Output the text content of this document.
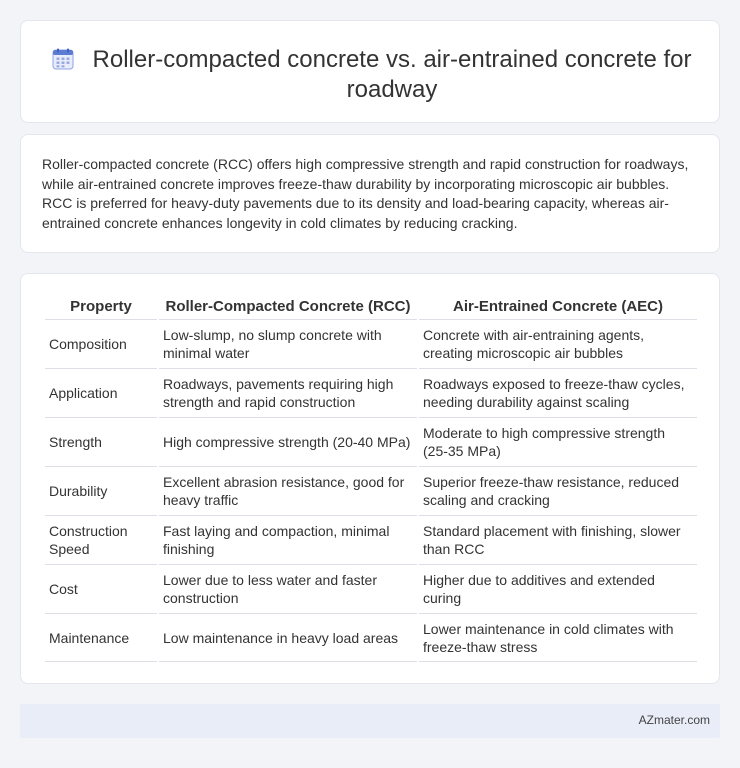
Roller-compacted concrete vs. air-entrained concrete for roadway

Roller-compacted concrete (RCC) offers high compressive strength and rapid construction for roadways, while air-entrained concrete improves freeze-thaw durability by incorporating microscopic air bubbles. RCC is preferred for heavy-duty pavements due to its density and load-bearing capacity, whereas air-entrained concrete enhances longevity in cold climates by reducing cracking.

Property	Roller-Compacted Concrete (RCC)	Air-Entrained Concrete (AEC)
Composition	Low-slump, no slump concrete with minimal water	Concrete with air-entraining agents, creating microscopic air bubbles
Application	Roadways, pavements requiring high strength and rapid construction	Roadways exposed to freeze-thaw cycles, needing durability against scaling
Strength	High compressive strength (20-40 MPa)	Moderate to high compressive strength (25-35 MPa)
Durability	Excellent abrasion resistance, good for heavy traffic	Superior freeze-thaw resistance, reduced scaling and cracking
Construction Speed	Fast laying and compaction, minimal finishing	Standard placement with finishing, slower than RCC
Cost	Lower due to less water and faster construction	Higher due to additives and extended curing
Maintenance	Low maintenance in heavy load areas	Lower maintenance in cold climates with freeze-thaw stress
AZmater.com
